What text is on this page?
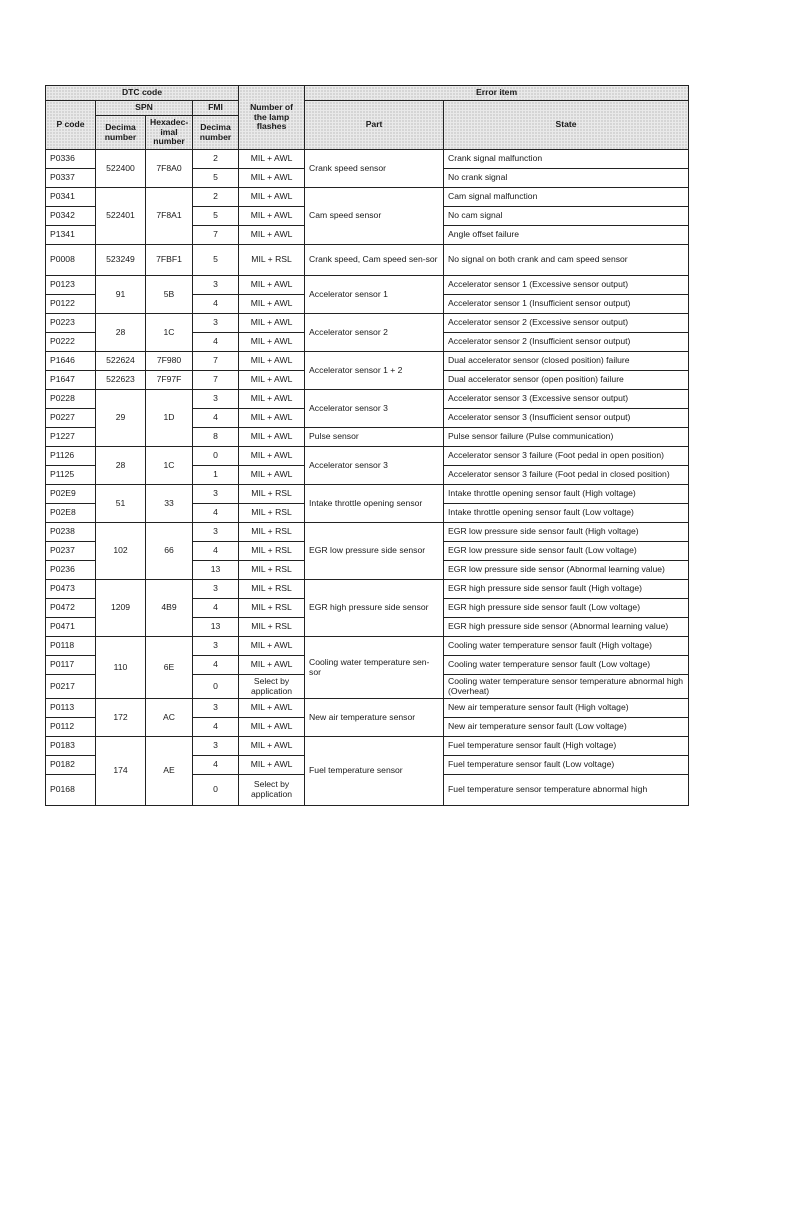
DTC code				Number of the lamp flashes	Error item	
P code	SPN		FMI		Part	State
	Decima number	Hexadec-imal number	Decima number			
P0336	522400	7F8A0	2	MIL + AWL	Crank speed sensor	Crank signal malfunction
P0337			5	MIL + AWL		No crank signal
P0341	522401	7F8A1	2	MIL + AWL	Cam speed sensor	Cam signal malfunction
P0342			5	MIL + AWL		No cam signal
P1341			7	MIL + AWL		Angle offset failure
P0008	523249	7FBF1	5	MIL + RSL	Crank speed, Cam speed sen-sor	No signal on both crank and cam speed sensor
P0123	91	5B	3	MIL + AWL	Accelerator sensor 1	Accelerator sensor 1 (Excessive sensor output)
P0122			4	MIL + AWL		Accelerator sensor 1 (Insufficient sensor output)
P0223	28	1C	3	MIL + AWL	Accelerator sensor 2	Accelerator sensor 2 (Excessive sensor output)
P0222			4	MIL + AWL		Accelerator sensor 2 (Insufficient sensor output)
P1646	522624	7F980	7	MIL + AWL	Accelerator sensor 1 + 2	Dual accelerator sensor (closed position) failure
P1647	522623	7F97F	7	MIL + AWL		Dual accelerator sensor (open position) failure
P0228	29	1D	3	MIL + AWL	Accelerator sensor 3	Accelerator sensor 3 (Excessive sensor output)
P0227			4	MIL + AWL		Accelerator sensor 3 (Insufficient sensor output)
P1227			8	MIL + AWL	Pulse sensor	Pulse sensor failure (Pulse communication)
P1126	28	1C	0	MIL + AWL	Accelerator sensor 3	Accelerator sensor 3 failure (Foot pedal in open position)
P1125			1	MIL + AWL		Accelerator sensor 3 failure (Foot pedal in closed position)
P02E9	51	33	3	MIL + RSL	Intake throttle opening sensor	Intake throttle opening sensor fault (High voltage)
P02E8			4	MIL + RSL		Intake throttle opening sensor fault (Low voltage)
P0238	102	66	3	MIL + RSL	EGR low pressure side sensor	EGR low pressure side sensor fault (High voltage)
P0237			4	MIL + RSL		EGR low pressure side sensor fault (Low voltage)
P0236			13	MIL + RSL		EGR low pressure side sensor (Abnormal learning value)
P0473	1209	4B9	3	MIL + RSL	EGR high pressure side sensor	EGR high pressure side sensor fault (High voltage)
P0472			4	MIL + RSL		EGR high pressure side sensor fault (Low voltage)
P0471			13	MIL + RSL		EGR high pressure side sensor (Abnormal learning value)
P0118	110	6E	3	MIL + AWL	Cooling water temperature sen-sor	Cooling water temperature sensor fault (High voltage)
P0117			4	MIL + AWL		Cooling water temperature sensor fault (Low voltage)
P0217			0	Select by application		Cooling water temperature sensor temperature abnormal high (Overheat)
P0113	172	AC	3	MIL + AWL	New air temperature sensor	New air temperature sensor fault (High voltage)
P0112			4	MIL + AWL		New air temperature sensor fault (Low voltage)
P0183	174	AE	3	MIL + AWL	Fuel temperature sensor	Fuel temperature sensor fault (High voltage)
P0182			4	MIL + AWL		Fuel temperature sensor fault (Low voltage)
P0168			0	Select by application		Fuel temperature sensor temperature abnormal high
